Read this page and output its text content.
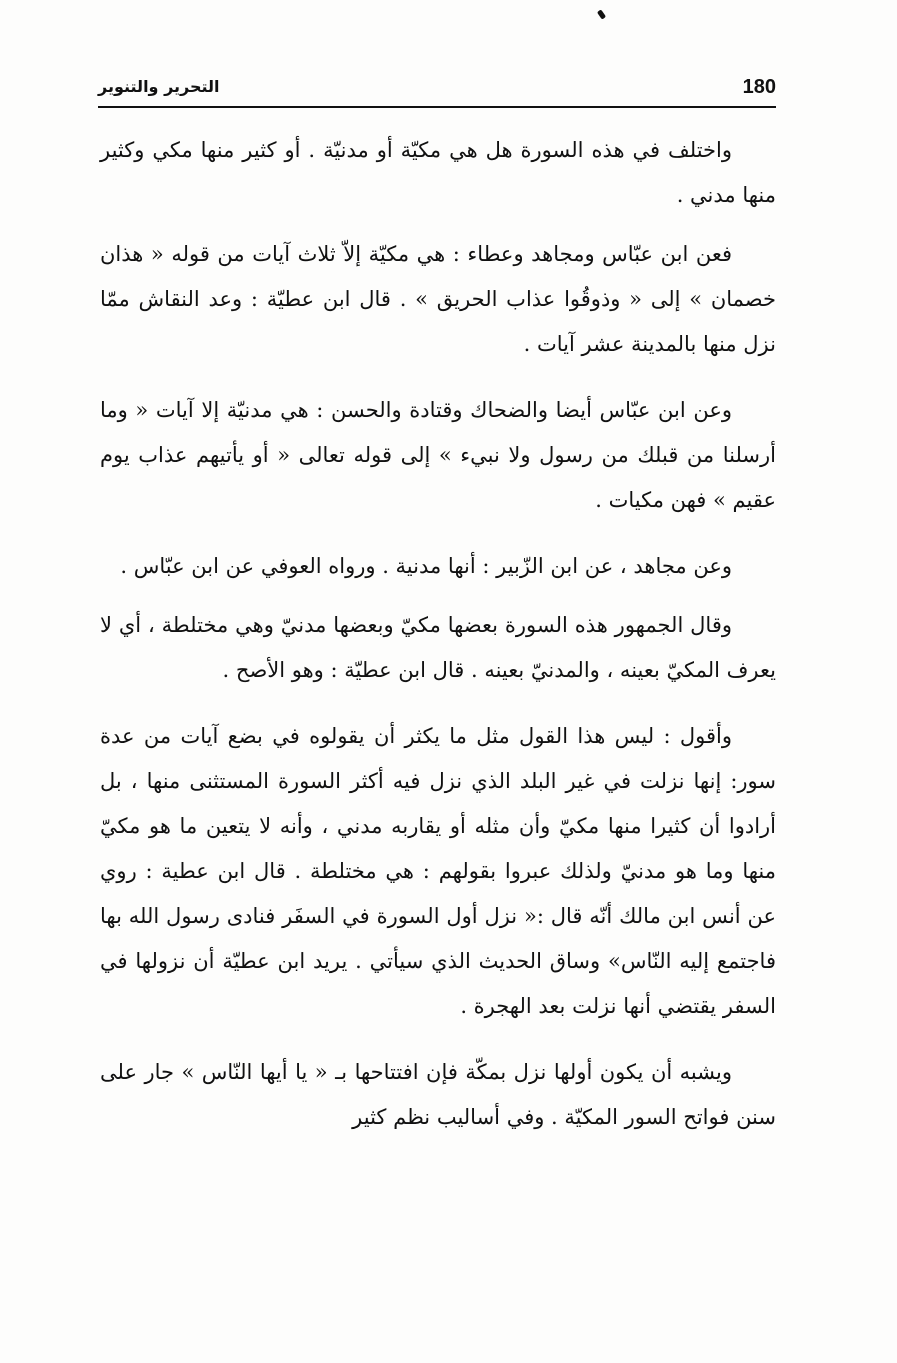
180
التحرير والتنوير

واختلف في هذه السورة هل هي مكيّة أو مدنيّة . أو كثير منها مكي وكثير منها مدني .

فعن ابن عبّاس ومجاهد وعطاء : هي مكيّة إلاّ ثلاث آيات من قوله « هذان خصمان » إلى « وذوقُوا عذاب الحريق » . قال ابن عطيّة : وعد النقاش ممّا نزل منها بالمدينة عشر آيات .

وعن ابن عبّاس أيضا والضحاك وقتادة والحسن : هي مدنيّة إلا آيات « وما أرسلنا من قبلك من رسول ولا نبيء » إلى قوله تعالى « أو يأتيهم عذاب يوم عقيم » فهن مكيات .

وعن مجاهد ، عن ابن الزّبير : أنها مدنية . ورواه العوفي عن ابن عبّاس .

وقال الجمهور هذه السورة بعضها مكيّ وبعضها مدنيّ وهي مختلطة ، أي لا يعرف المكيّ بعينه ، والمدنيّ بعينه . قال ابن عطيّة : وهو الأصح .

وأقول : ليس هذا القول مثل ما يكثر أن يقولوه في بضع آيات من عدة سور: إنها نزلت في غير البلد الذي نزل فيه أكثر السورة المستثنى منها ، بل أرادوا أن كثيرا منها مكيّ وأن مثله أو يقاربه مدني ، وأنه لا يتعين ما هو مكيّ منها وما هو مدنيّ ولذلك عبروا بقولهم : هي مختلطة . قال ابن عطية : روي عن أنس ابن مالك أنّه قال :« نزل أول السورة في السفَر فنادى رسول الله بها فاجتمع إليه النّاس» وساق الحديث الذي سيأتي . يريد ابن عطيّة أن نزولها في السفر يقتضي أنها نزلت بعد الهجرة .

ويشبه أن يكون أولها نزل بمكّة فإن افتتاحها بـ « يا أيها النّاس » جار على سنن فواتح السور المكيّة . وفي أساليب نظم كثير
